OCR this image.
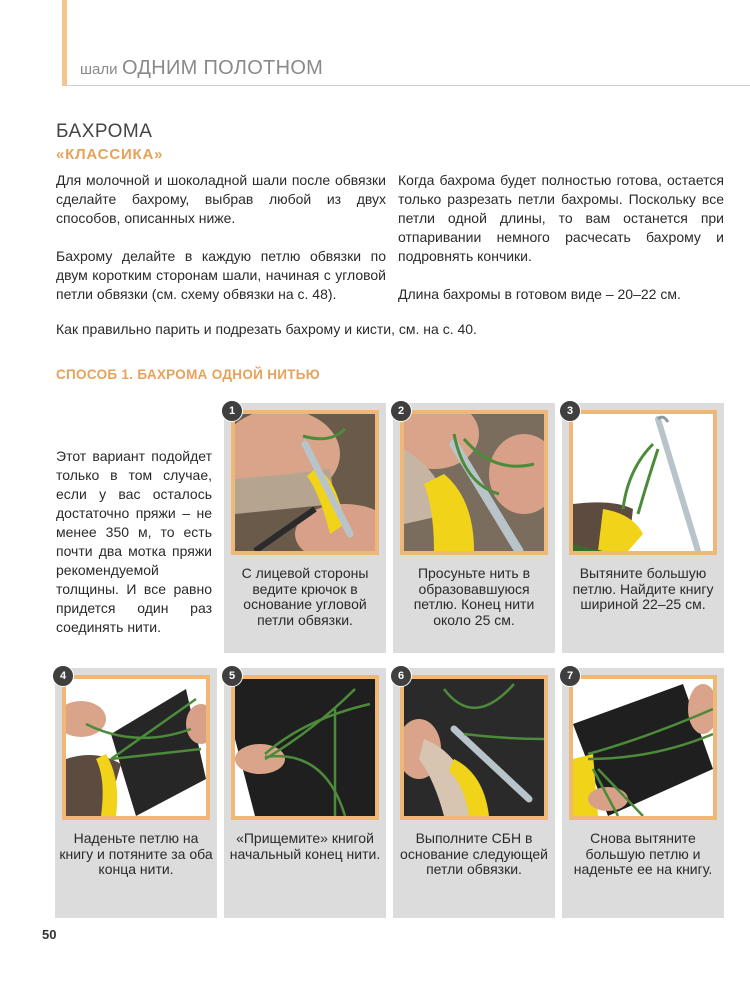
шали ОДНИМ ПОЛОТНОМ
БАХРОМА
«КЛАССИКА»

Для молочной и шоколадной шали после обвязки сделайте бахрому, выбрав любой из двух способов, описанных ниже.

Бахрому делайте в каждую петлю обвязки по двум коротким сторонам шали, начиная с угловой петли обвязки (см. схему обвязки на с. 48).

Когда бахрома будет полностью готова, остается только разрезать петли бахромы. Поскольку все петли одной длины, то вам останется при отпаривании немного расчесать бахрому и подровнять кончики.

Длина бахромы в готовом виде – 20–22 см.

Как правильно парить и подрезать бахрому и кисти, см. на с. 40.
СПОСОБ 1. БАХРОМА ОДНОЙ НИТЬЮ

Этот вариант подойдет только в том случае, если у вас осталось достаточно пряжи – не менее 350 м, то есть почти два мотка пряжи рекомендуемой толщины. И все равно придется один раз соединять нити.

1
С лицевой стороны ведите крючок в основание угловой петли обвязки.
2
Просуньте нить в образовавшуюся петлю. Конец нити около 25 см.
3
Вытяните большую петлю. Найдите книгу шириной 22–25 см.
4
Наденьте петлю на книгу и потяните за оба конца нити.
5
«Прищемите» книгой начальный конец нити.
6
Выполните СБН в основание следующей петли обвязки.
7
Снова вытяните большую петлю и наденьте ее на книгу.
50
